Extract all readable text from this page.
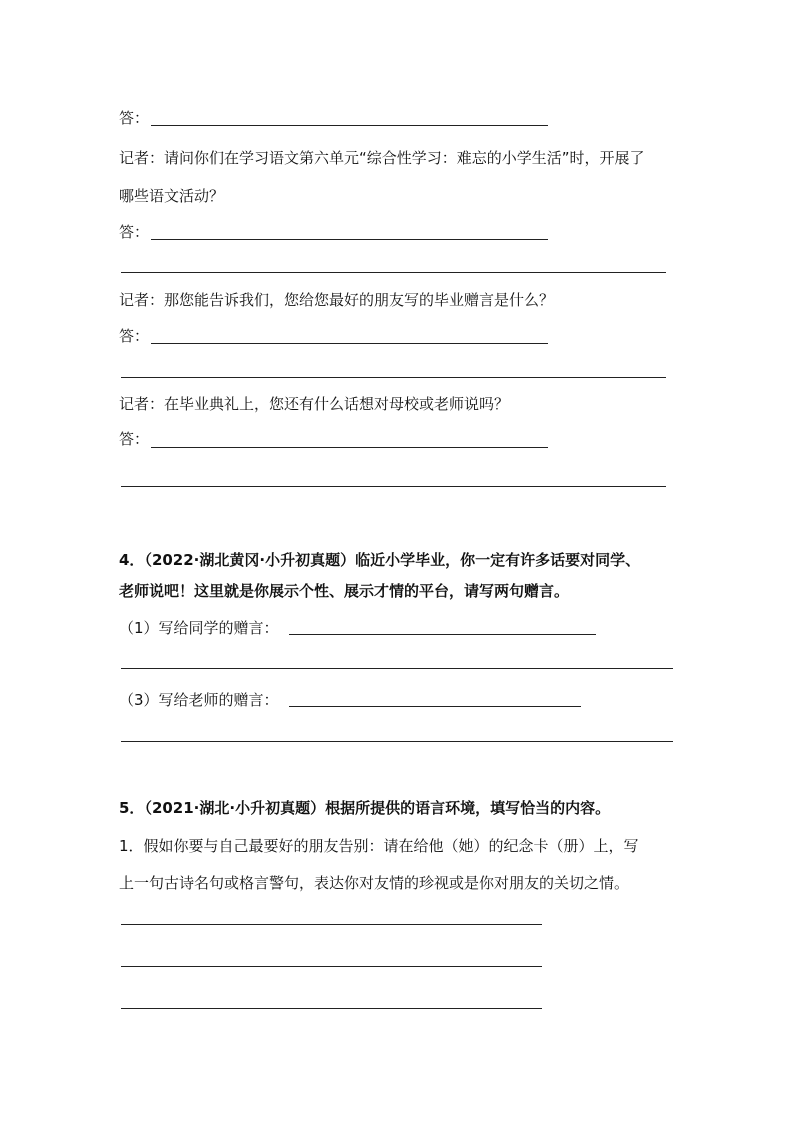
答：
记者：请问你们在学习语文第六单元“综合性学习：难忘的小学生活”时，开展了
哪些语文活动？
答：
记者：那您能告诉我们，您给您最好的朋友写的毕业赠言是什么？
答：
记者：在毕业典礼上，您还有什么话想对母校或老师说吗？
答：
4．（2022·湖北黄冈·小升初真题）临近小学毕业，你一定有许多话要对同学、
老师说吧！这里就是你展示个性、展示才情的平台，请写两句赠言。
（1）写给同学的赠言：
（3）写给老师的赠言：
5．（2021·湖北·小升初真题）根据所提供的语言环境，填写恰当的内容。
1．假如你要与自己最要好的朋友告别：请在给他（她）的纪念卡（册）上，写
上一句古诗名句或格言警句，表达你对友情的珍视或是你对朋友的关切之情。
